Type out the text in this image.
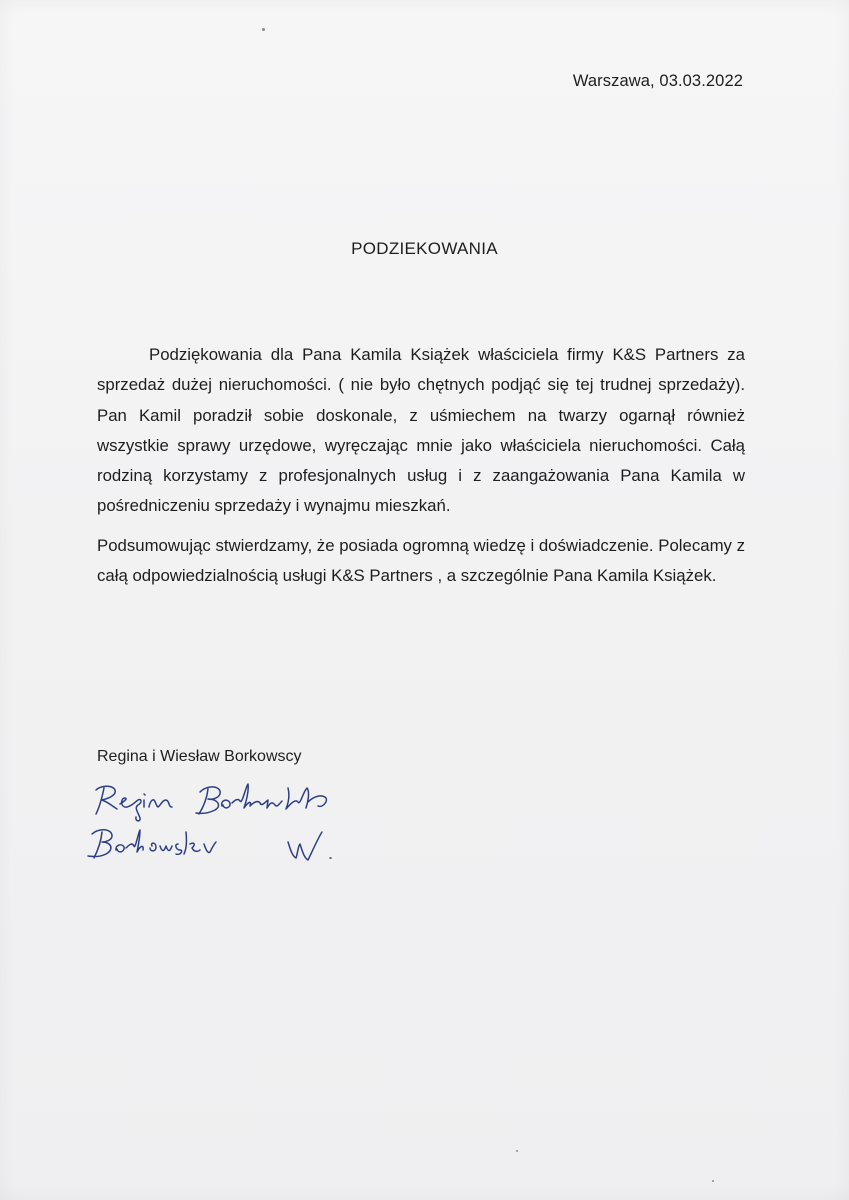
Warszawa, 03.03.2022
PODZIEKOWANIA

Podziękowania dla Pana Kamila Książek właściciela firmy K&S Partners za sprzedaż dużej nieruchomości. ( nie było chętnych podjąć się tej trudnej sprzedaży). Pan Kamil poradził sobie doskonale, z uśmiechem na twarzy ogarnął również wszystkie sprawy urzędowe, wyręczając mnie jako właściciela nieruchomości. Całą rodziną korzystamy z profesjonalnych usług i z zaangażowania Pana Kamila w pośredniczeniu sprzedaży i wynajmu mieszkań.

Podsumowując stwierdzamy, że posiada ogromną wiedzę i doświadczenie. Polecamy z całą odpowiedzialnością usługi K&S Partners , a szczególnie Pana Kamila Książek.

Regina i Wiesław Borkowscy
